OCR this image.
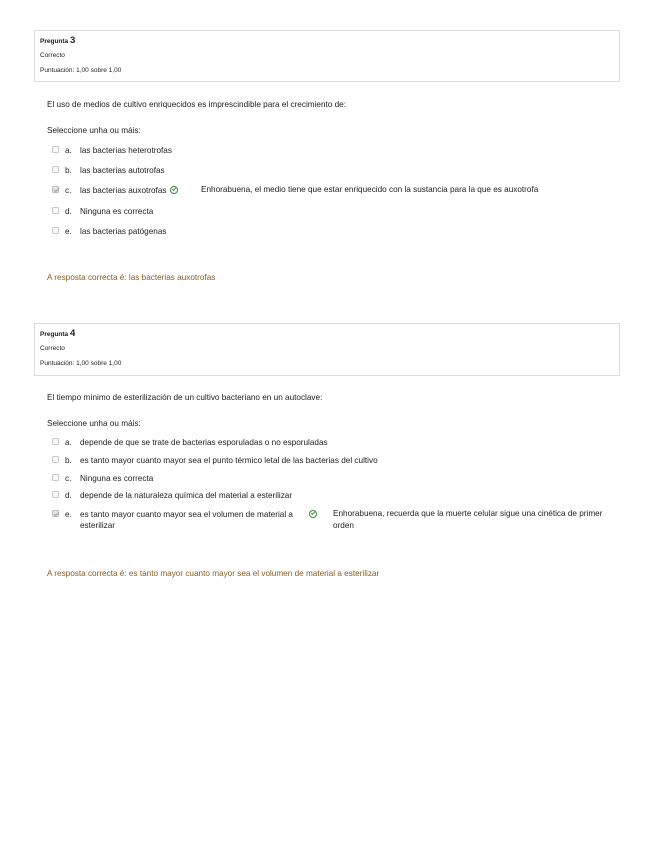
Pregunta 3
Correcto
Puntuación: 1,00 sobre 1,00
El uso de medios de cultivo enriquecidos es imprescindible para el crecimiento de:
Seleccione unha ou máis:
a. las bacterias heterotrofas
b. las bacterias autotrofas
c. las bacterias auxotrofas	Enhorabuena, el medio tiene que estar enriquecido con la sustancia para la que es auxotrofa
d. Ninguna es correcta
e. las bacterias patógenas
A resposta correcta é: las bacterias auxotrofas
Pregunta 4
Correcto
Puntuación: 1,00 sobre 1,00
El tiempo mínimo de esterilización de un cultivo bacteriano en un autoclave:
Seleccione unha ou máis:
a. depende de que se trate de bacterias esporuladas o no esporuladas
b. es tanto mayor cuanto mayor sea el punto térmico letal de las bacterias del cultivo
c. Ninguna es correcta
d. depende de la naturaleza química del material a esterilizar
e. es tanto mayor cuanto mayor sea el volumen de material a esterilizar
Enhorabuena, recuerda que la muerte celular sigue una cinética de primer orden
A resposta correcta é: es tanto mayor cuanto mayor sea el volumen de material a esterilizar
